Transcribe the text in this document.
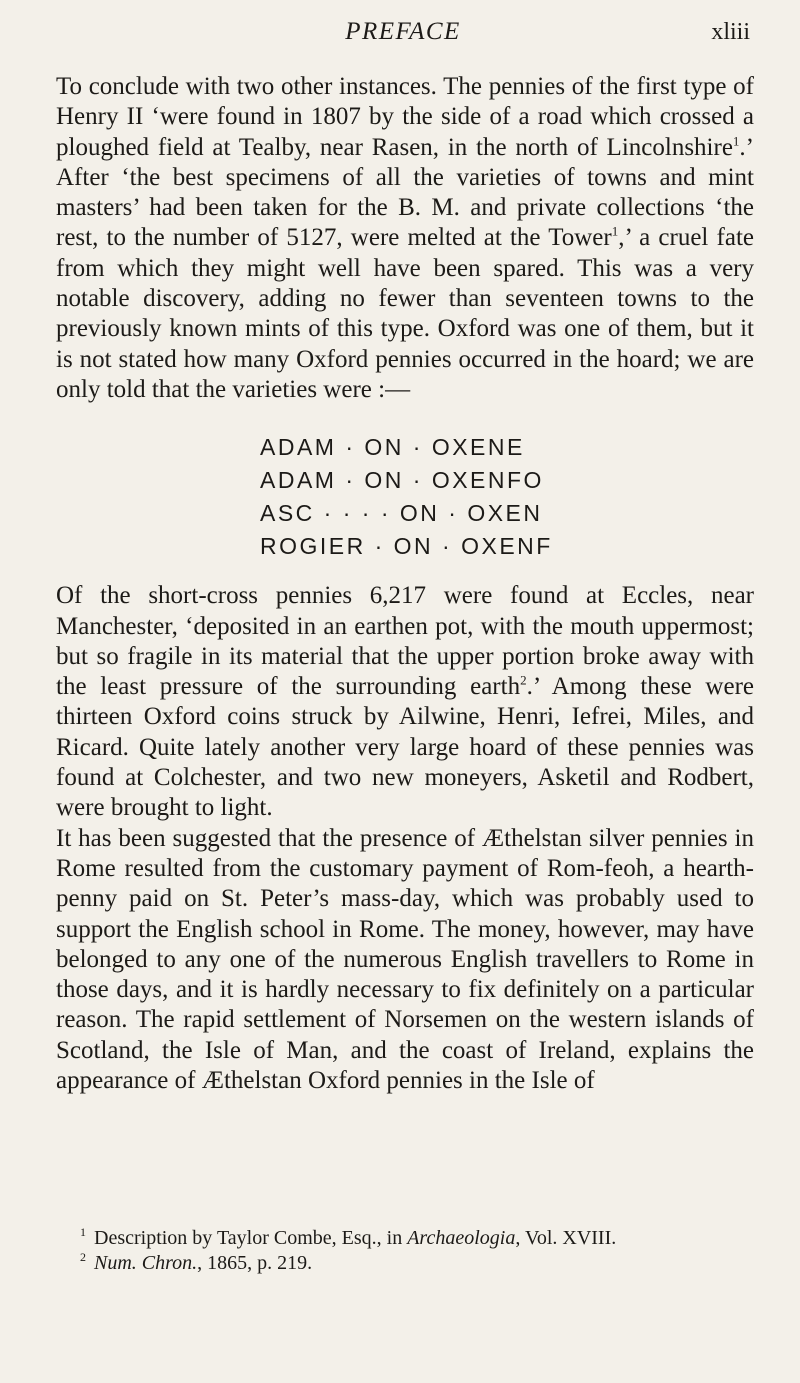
PREFACE	xliii

To conclude with two other instances. The pennies of the first type of Henry II ‘were found in 1807 by the side of a road which crossed a ploughed field at Tealby, near Rasen, in the north of Lincolnshire$^1$.’ After ‘the best specimens of all the varieties of towns and mint masters’ had been taken for the B. M. and private collections ‘the rest, to the number of 5127, were melted at the Tower$^1$,’ a cruel fate from which they might well have been spared. This was a very notable discovery, adding no fewer than seventeen towns to the previously known mints of this type. Oxford was one of them, but it is not stated how many Oxford pennies occurred in the hoard; we are only told that the varieties were :—

ADAM · ON · OXENE
ADAM · ON · OXENFO
ASC · · · · ON · OXEN
ROGIER · ON · OXENF

Of the short-cross pennies 6,217 were found at Eccles, near Manchester, ‘deposited in an earthen pot, with the mouth uppermost; but so fragile in its material that the upper portion broke away with the least pressure of the surrounding earth$^2$.’ Among these were thirteen Oxford coins struck by Ailwine, Henri, Iefrei, Miles, and Ricard. Quite lately another very large hoard of these pennies was found at Colchester, and two new moneyers, Asketil and Rodbert, were brought to light.

It has been suggested that the presence of Æthelstan silver pennies in Rome resulted from the customary payment of Rom-feoh, a hearth-penny paid on St. Peter’s mass-day, which was probably used to support the English school in Rome. The money, however, may have belonged to any one of the numerous English travellers to Rome in those days, and it is hardly necessary to fix definitely on a particular reason. The rapid settlement of Norsemen on the western islands of Scotland, the Isle of Man, and the coast of Ireland, explains the appearance of Æthelstan Oxford pennies in the Isle of

$^1$ Description by Taylor Combe, Esq., in Archaeologia, Vol. XVIII.
$^2$ Num. Chron., 1865, p. 219.
